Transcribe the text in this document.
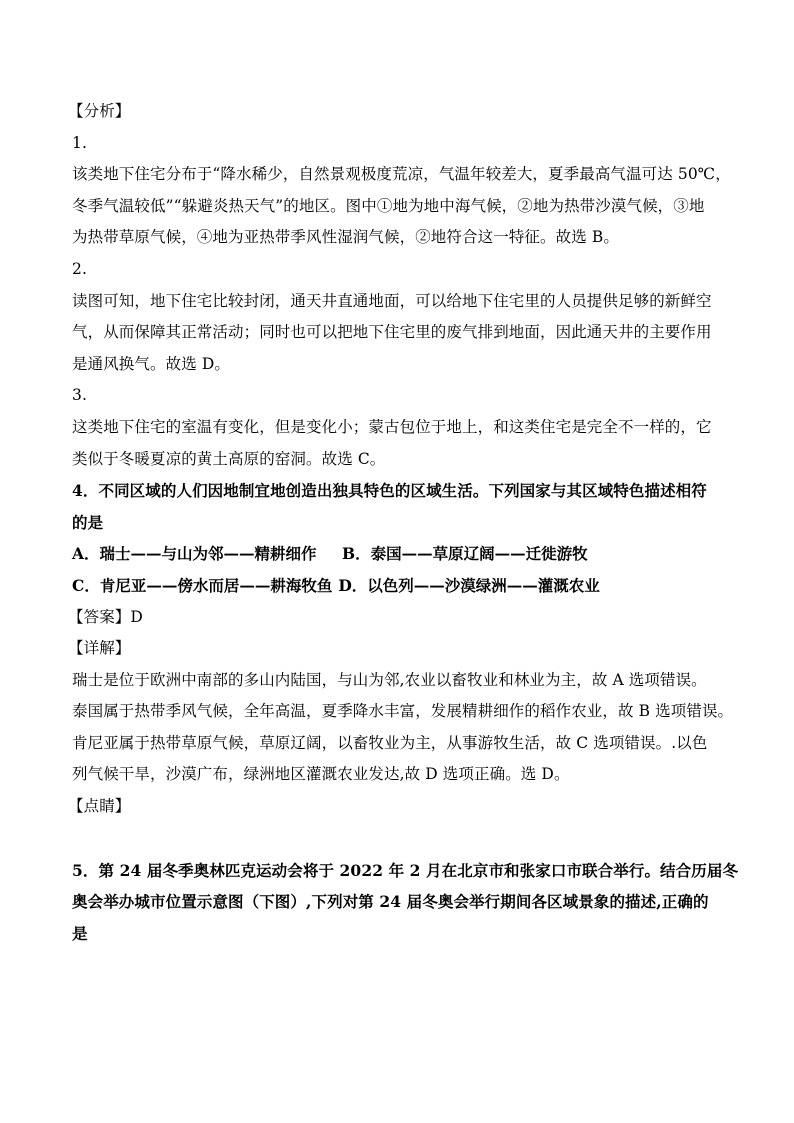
【分析】
1.
该类地下住宅分布于“降水稀少，自然景观极度荒凉，气温年较差大，夏季最高气温可达 50℃，
冬季气温较低”“躲避炎热天气”的地区。图中①地为地中海气候，②地为热带沙漠气候，③地
为热带草原气候，④地为亚热带季风性湿润气候，②地符合这一特征。故选 B。
2.
读图可知，地下住宅比较封闭，通天井直通地面，可以给地下住宅里的人员提供足够的新鲜空
气，从而保障其正常活动；同时也可以把地下住宅里的废气排到地面，因此通天井的主要作用
是通风换气。故选 D。
3.
这类地下住宅的室温有变化，但是变化小；蒙古包位于地上，和这类住宅是完全不一样的，它
类似于冬暖夏凉的黄土高原的窑洞。故选 C。
4．不同区域的人们因地制宜地创造出独具特色的区域生活。下列国家与其区域特色描述相符
的是
A．瑞士——与山为邻——精耕细作 B．泰国——草原辽阔——迁徙游牧
C．肯尼亚——傍水而居——耕海牧鱼 D．以色列——沙漠绿洲——灌溉农业
【答案】D
【详解】
瑞士是位于欧洲中南部的多山内陆国，与山为邻,农业以畜牧业和林业为主，故 A 选项错误。
泰国属于热带季风气候，全年高温，夏季降水丰富，发展精耕细作的稻作农业，故 B 选项错误。
肯尼亚属于热带草原气候，草原辽阔，以畜牧业为主，从事游牧生活，故 C 选项错误。.以色
列气候干旱，沙漠广布，绿洲地区灌溉农业发达,故 D 选项正确。选 D。
【点睛】
5．第 24 届冬季奥林匹克运动会将于 2022 年 2 月在北京市和张家口市联合举行。结合历届冬
奥会举办城市位置示意图（下图）,下列对第 24 届冬奥会举行期间各区域景象的描述,正确的
是
